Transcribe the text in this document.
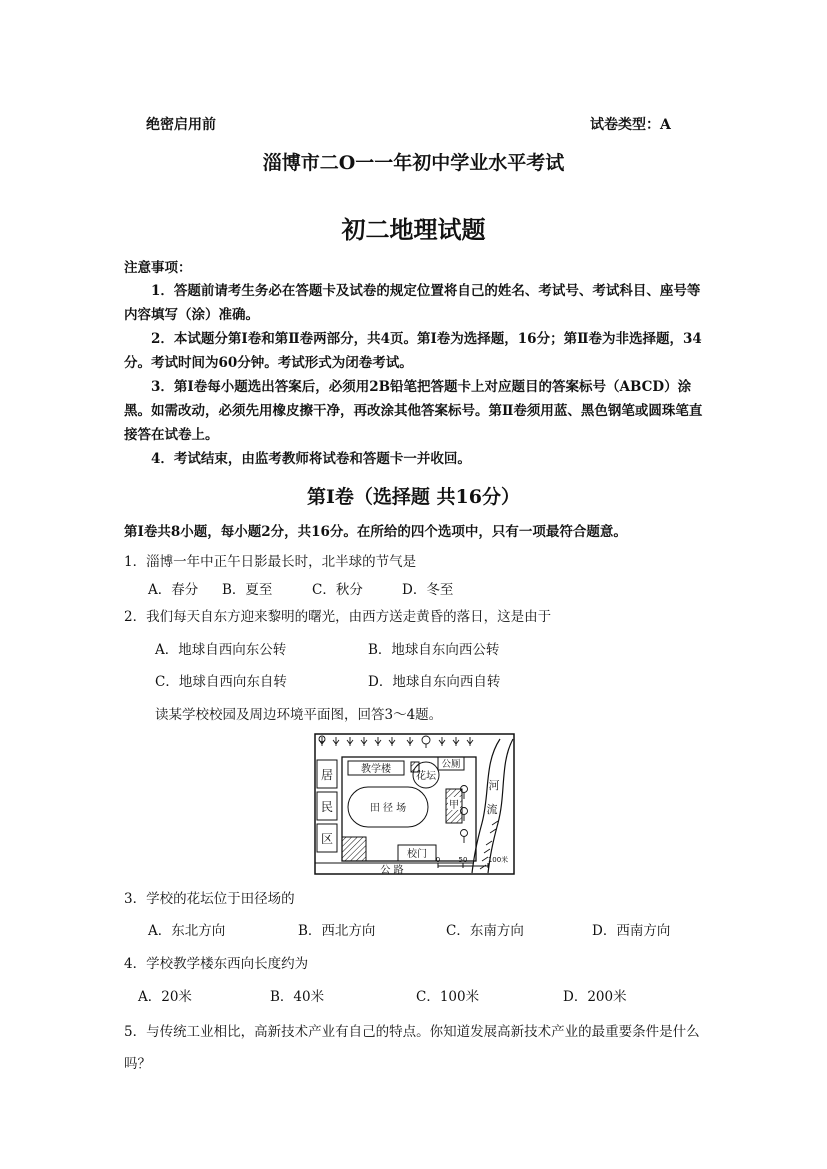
绝密启用前	试卷类型：A
淄博市二O一一年初中学业水平考试
初二地理试题
注意事项：
1．答题前请考生务必在答题卡及试卷的规定位置将自己的姓名、考试号、考试科目、座号等内容填写（涂）准确。
2．本试题分第Ⅰ卷和第Ⅱ卷两部分，共4页。第Ⅰ卷为选择题，16分；第Ⅱ卷为非选择题，34分。考试时间为60分钟。考试形式为闭卷考试。
3．第Ⅰ卷每小题选出答案后，必须用2B铅笔把答题卡上对应题目的答案标号（ABCD）涂黑。如需改动，必须先用橡皮擦干净，再改涂其他答案标号。第Ⅱ卷须用蓝、黑色钢笔或圆珠笔直接答在试卷上。
4．考试结束，由监考教师将试卷和答题卡一并收回。
第Ⅰ卷（选择题 共16分）
第Ⅰ卷共8小题，每小题2分，共16分。在所给的四个选项中，只有一项最符合题意。
1．淄博一年中正午日影最长时，北半球的节气是
A．春分 B．夏至	C．秋分	D．冬至
2．我们每天自东方迎来黎明的曙光，由西方送走黄昏的落日，这是由于
A．地球自西向东公转	B．地球自东向西公转
C．地球自西向东自转	D．地球自东向西自转
读某学校校园及周边环境平面图，回答3～4题。
居
民
区
教学楼
花坛
公厕
田 径 场	甲
校门
河
流
公 路
0	50	100米
3．学校的花坛位于田径场的
A．东北方向	B．西北方向	C．东南方向	D．西南方向
4．学校教学楼东西向长度约为
A．20米	B．40米	C．100米	D．200米
5．与传统工业相比，高新技术产业有自己的特点。你知道发展高新技术产业的最重要条件是什么吗？
